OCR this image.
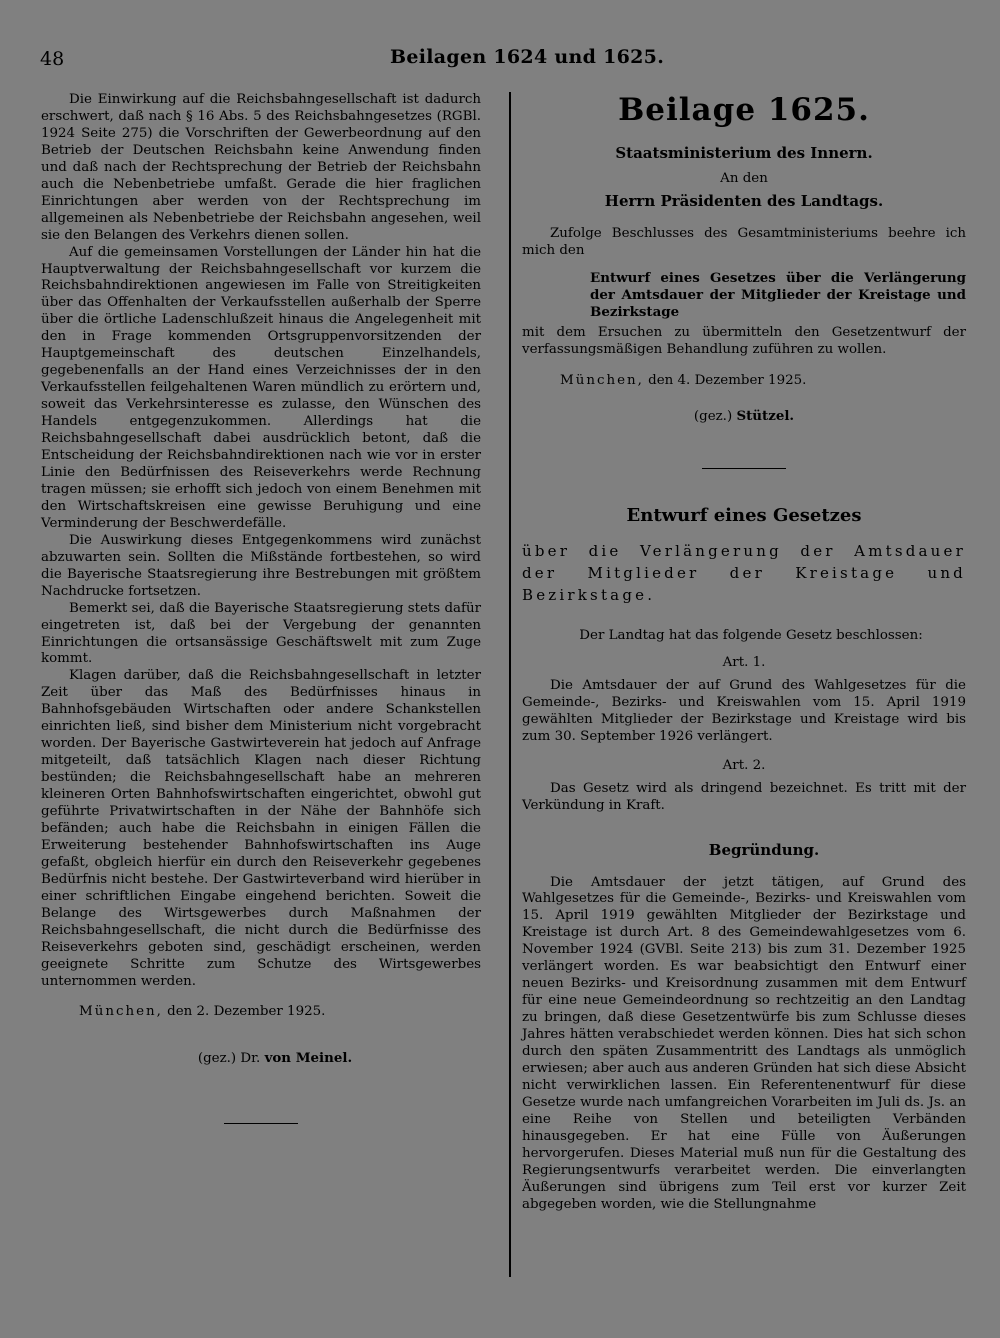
48	Beilagen 1624 und 1625.

Die Einwirkung auf die Reichsbahngesellschaft ist dadurch erschwert, daß nach § 16 Abs. 5 des Reichsbahngesetzes (RGBl. 1924 Seite 275) die Vorschriften der Gewerbeordnung auf den Betrieb der Deutschen Reichsbahn keine Anwendung finden und daß nach der Rechtsprechung der Betrieb der Reichsbahn auch die Nebenbetriebe umfaßt. Gerade die hier fraglichen Einrichtungen aber werden von der Rechtsprechung im allgemeinen als Nebenbetriebe der Reichsbahn angesehen, weil sie den Belangen des Verkehrs dienen sollen.

Auf die gemeinsamen Vorstellungen der Länder hin hat die Hauptverwaltung der Reichsbahngesellschaft vor kurzem die Reichsbahndirektionen angewiesen im Falle von Streitigkeiten über das Offenhalten der Verkaufsstellen außerhalb der Sperre über die örtliche Ladenschlußzeit hinaus die Angelegenheit mit den in Frage kommenden Ortsgruppenvorsitzenden der Hauptgemeinschaft des deutschen Einzelhandels, gegebenenfalls an der Hand eines Verzeichnisses der in den Verkaufsstellen feilgehaltenen Waren mündlich zu erörtern und, soweit das Verkehrsinteresse es zulasse, den Wünschen des Handels entgegenzukommen. Allerdings hat die Reichsbahngesellschaft dabei ausdrücklich betont, daß die Entscheidung der Reichsbahndirektionen nach wie vor in erster Linie den Bedürfnissen des Reiseverkehrs werde Rechnung tragen müssen; sie erhofft sich jedoch von einem Benehmen mit den Wirtschaftskreisen eine gewisse Beruhigung und eine Verminderung der Beschwerdefälle.

Die Auswirkung dieses Entgegenkommens wird zunächst abzuwarten sein. Sollten die Mißstände fortbestehen, so wird die Bayerische Staatsregierung ihre Bestrebungen mit größtem Nachdrucke fortsetzen.

Bemerkt sei, daß die Bayerische Staatsregierung stets dafür eingetreten ist, daß bei der Vergebung der genannten Einrichtungen die ortsansässige Geschäftswelt mit zum Zuge kommt.

Klagen darüber, daß die Reichsbahngesellschaft in letzter Zeit über das Maß des Bedürfnisses hinaus in Bahnhofsgebäuden Wirtschaften oder andere Schankstellen einrichten ließ, sind bisher dem Ministerium nicht vorgebracht worden. Der Bayerische Gastwirteverein hat jedoch auf Anfrage mitgeteilt, daß tatsächlich Klagen nach dieser Richtung bestünden; die Reichsbahngesellschaft habe an mehreren kleineren Orten Bahnhofswirtschaften eingerichtet, obwohl gut geführte Privatwirtschaften in der Nähe der Bahnhöfe sich befänden; auch habe die Reichsbahn in einigen Fällen die Erweiterung bestehender Bahnhofswirtschaften ins Auge gefaßt, obgleich hierfür ein durch den Reiseverkehr gegebenes Bedürfnis nicht bestehe. Der Gastwirteverband wird hierüber in einer schriftlichen Eingabe eingehend berichten. Soweit die Belange des Wirtsgewerbes durch Maßnahmen der Reichsbahngesellschaft, die nicht durch die Bedürfnisse des Reiseverkehrs geboten sind, geschädigt erscheinen, werden geeignete Schritte zum Schutze des Wirtsgewerbes unternommen werden.

München, den 2. Dezember 1925.
(gez.) Dr. von Meinel.
Beilage 1625.
Staatsministerium des Innern.
An den
Herrn Präsidenten des Landtags.

Zufolge Beschlusses des Gesamtministeriums beehre ich mich den

Entwurf eines Gesetzes über die Verlängerung der Amtsdauer der Mitglieder der Kreistage und Bezirkstage

mit dem Ersuchen zu übermitteln den Gesetzentwurf der verfassungsmäßigen Behandlung zuführen zu wollen.

München, den 4. Dezember 1925.
(gez.) Stützel.
Entwurf eines Gesetzes
über die Verlängerung der Amtsdauer der Mitglieder der Kreistage und Bezirkstage.
Der Landtag hat das folgende Gesetz beschlossen:
Art. 1.

Die Amtsdauer der auf Grund des Wahlgesetzes für die Gemeinde-, Bezirks- und Kreiswahlen vom 15. April 1919 gewählten Mitglieder der Bezirkstage und Kreistage wird bis zum 30. September 1926 verlängert.

Art. 2.

Das Gesetz wird als dringend bezeichnet. Es tritt mit der Verkündung in Kraft.

Begründung.

Die Amtsdauer der jetzt tätigen, auf Grund des Wahlgesetzes für die Gemeinde-, Bezirks- und Kreiswahlen vom 15. April 1919 gewählten Mitglieder der Bezirkstage und Kreistage ist durch Art. 8 des Gemeindewahlgesetzes vom 6. November 1924 (GVBl. Seite 213) bis zum 31. Dezember 1925 verlängert worden. Es war beabsichtigt den Entwurf einer neuen Bezirks- und Kreisordnung zusammen mit dem Entwurf für eine neue Gemeindeordnung so rechtzeitig an den Landtag zu bringen, daß diese Gesetzentwürfe bis zum Schlusse dieses Jahres hätten verabschiedet werden können. Dies hat sich schon durch den späten Zusammentritt des Landtags als unmöglich erwiesen; aber auch aus anderen Gründen hat sich diese Absicht nicht verwirklichen lassen. Ein Referentenentwurf für diese Gesetze wurde nach umfangreichen Vorarbeiten im Juli ds. Js. an eine Reihe von Stellen und beteiligten Verbänden hinausgegeben. Er hat eine Fülle von Äußerungen hervorgerufen. Dieses Material muß nun für die Gestaltung des Regierungsentwurfs verarbeitet werden. Die einverlangten Äußerungen sind übrigens zum Teil erst vor kurzer Zeit abgegeben worden, wie die Stellungnahme
